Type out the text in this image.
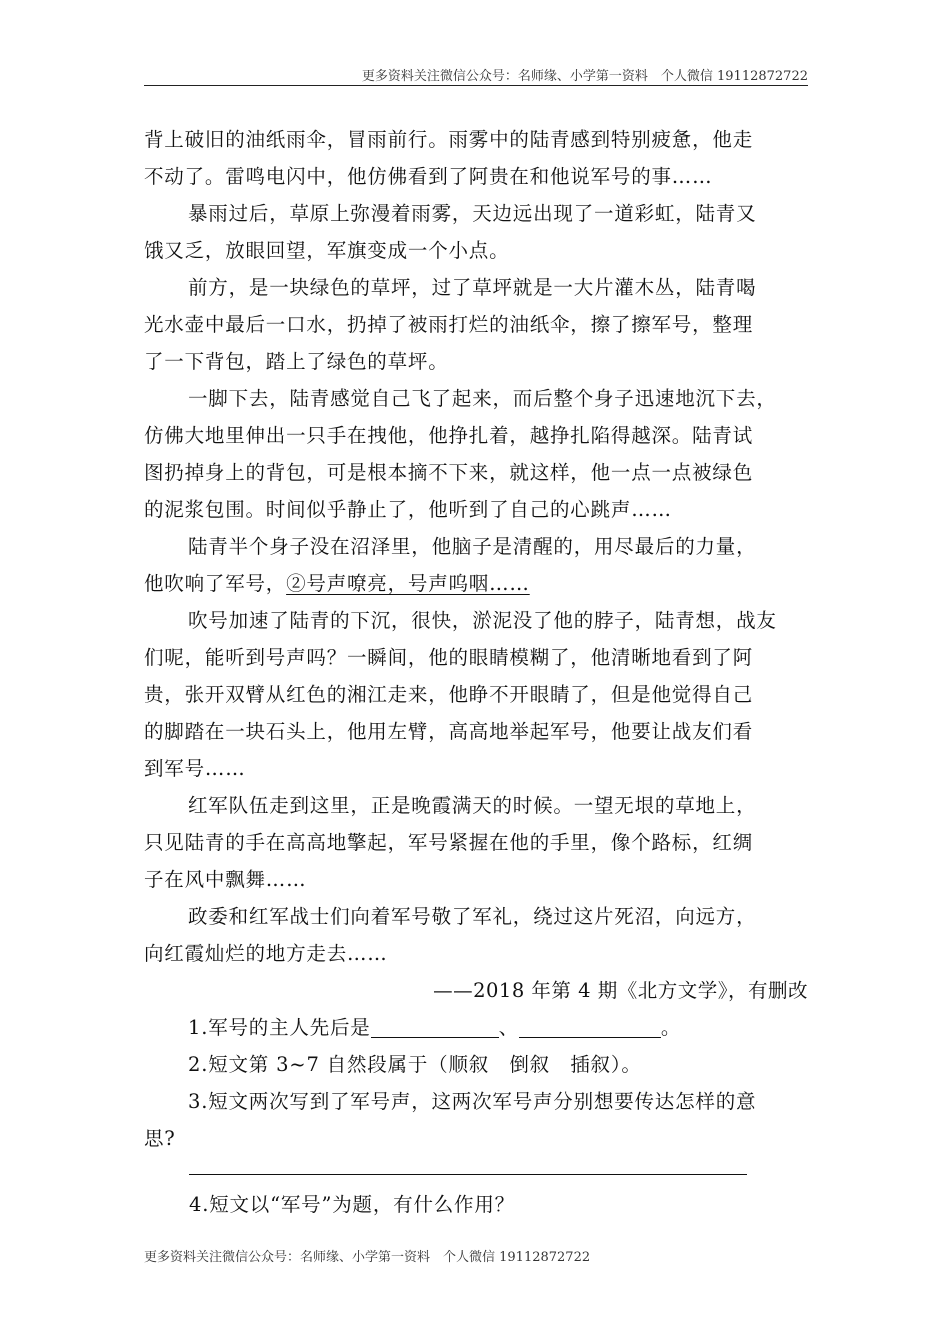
更多资料关注微信公众号：名师缘、小学第一资料　个人微信 19112872722
背上破旧的油纸雨伞，冒雨前行。雨雾中的陆青感到特别疲惫，他走
不动了。雷鸣电闪中，他仿佛看到了阿贵在和他说军号的事……
暴雨过后，草原上弥漫着雨雾，天边远出现了一道彩虹，陆青又
饿又乏，放眼回望，军旗变成一个小点。
前方，是一块绿色的草坪，过了草坪就是一大片灌木丛，陆青喝
光水壶中最后一口水，扔掉了被雨打烂的油纸伞，擦了擦军号，整理
了一下背包，踏上了绿色的草坪。
一脚下去，陆青感觉自己飞了起来，而后整个身子迅速地沉下去，
仿佛大地里伸出一只手在拽他，他挣扎着，越挣扎陷得越深。陆青试
图扔掉身上的背包，可是根本摘不下来，就这样，他一点一点被绿色
的泥浆包围。时间似乎静止了，他听到了自己的心跳声……
陆青半个身子没在沼泽里，他脑子是清醒的，用尽最后的力量，
他吹响了军号，②号声嘹亮，号声呜咽……
吹号加速了陆青的下沉，很快，淤泥没了他的脖子，陆青想，战友
们呢，能听到号声吗？一瞬间，他的眼睛模糊了，他清晰地看到了阿
贵，张开双臂从红色的湘江走来，他睁不开眼睛了，但是他觉得自己
的脚踏在一块石头上，他用左臂，高高地举起军号，他要让战友们看
到军号……
红军队伍走到这里，正是晚霞满天的时候。一望无垠的草地上，
只见陆青的手在高高地擎起，军号紧握在他的手里，像个路标，红绸
子在风中飘舞……
政委和红军战士们向着军号敬了军礼，绕过这片死沼，向远方，
向红霞灿烂的地方走去……
——2018 年第 4 期《北方文学》，有删改
1.军号的主人先后是	、	。
2.短文第 3~7 自然段属于（顺叙　倒叙　插叙）。
3.短文两次写到了军号声，这两次军号声分别想要传达怎样的意
思?
4.短文以“军号”为题，有什么作用？
更多资料关注微信公众号：名师缘、小学第一资料　个人微信 19112872722
